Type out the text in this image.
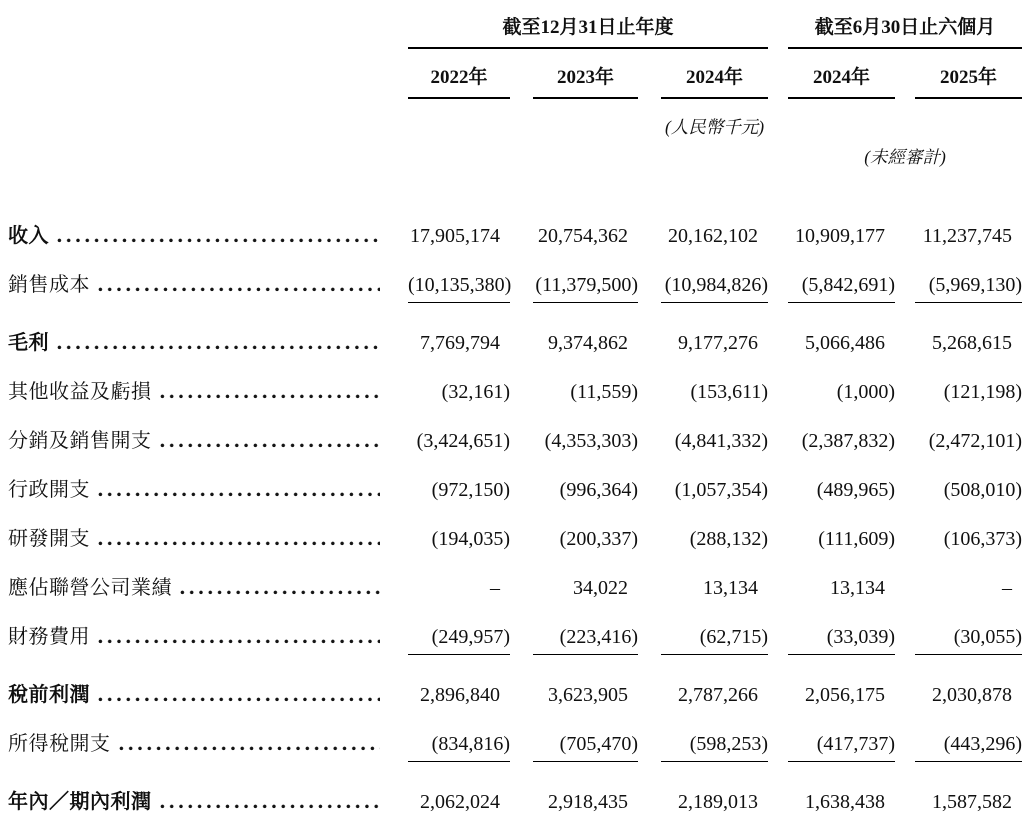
	截至12月31日止年度			截至6月30日止六個月	

	2022年	2023年	2024年	2024年	2025年

			(人民幣千元)		

				(未經審計)	

收入	17,905,174	20,754,362	20,162,102	10,909,177	11,237,745

銷售成本	(10,135,380)	(11,379,500)	(10,984,826)	(5,842,691)	(5,969,130)

毛利	7,769,794	9,374,862	9,177,276	5,066,486	5,268,615

其他收益及虧損	(32,161)	(11,559)	(153,611)	(1,000)	(121,198)

分銷及銷售開支	(3,424,651)	(4,353,303)	(4,841,332)	(2,387,832)	(2,472,101)

行政開支	(972,150)	(996,364)	(1,057,354)	(489,965)	(508,010)

研發開支	(194,035)	(200,337)	(288,132)	(111,609)	(106,373)

應佔聯營公司業績	–	34,022	13,134	13,134	–

財務費用	(249,957)	(223,416)	(62,715)	(33,039)	(30,055)

稅前利潤	2,896,840	3,623,905	2,787,266	2,056,175	2,030,878

所得稅開支	(834,816)	(705,470)	(598,253)	(417,737)	(443,296)

年內／期內利潤	2,062,024	2,918,435	2,189,013	1,638,438	1,587,582
